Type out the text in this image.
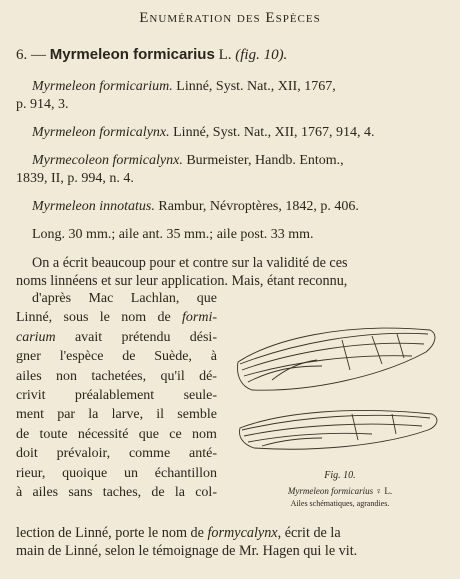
Enumération des Espèces
6. — Myrmeleon formicarius L. (fig. 10).
Myrmeleon formicarium. Linné, Syst. Nat., XII, 1767,
p. 914, 3.
Myrmeleon formicalynx. Linné, Syst. Nat., XII, 1767, 914, 4.
Myrmecoleon formicalynx. Burmeister, Handb. Entom.,
1839, II, p. 994, n. 4.
Myrmeleon innotatus. Rambur, Névroptères, 1842, p. 406.
Long. 30 mm.; aile ant. 35 mm.; aile post. 33 mm.
On a écrit beaucoup pour et contre sur la validité de ces
noms linnéens et sur leur application. Mais, étant reconnu,
d'après Mac Lachlan, que
Linné, sous le nom de formi-
carium avait prétendu dési-
gner l'espèce de Suède, à
ailes non tachetées, qu'il dé-
crivit préalablement seule-
ment par la larve, il semble
de toute nécessité que ce nom
doit prévaloir, comme anté-
rieur, quoique un échantillon
à ailes sans taches, de la col-
Fig. 10.
Myrmeleon formicarius ♀ L.
Ailes schématiques, agrandies.
lection de Linné, porte le nom de formycalynx, écrit de la
main de Linné, selon le témoignage de Mr. Hagen qui le vit.
